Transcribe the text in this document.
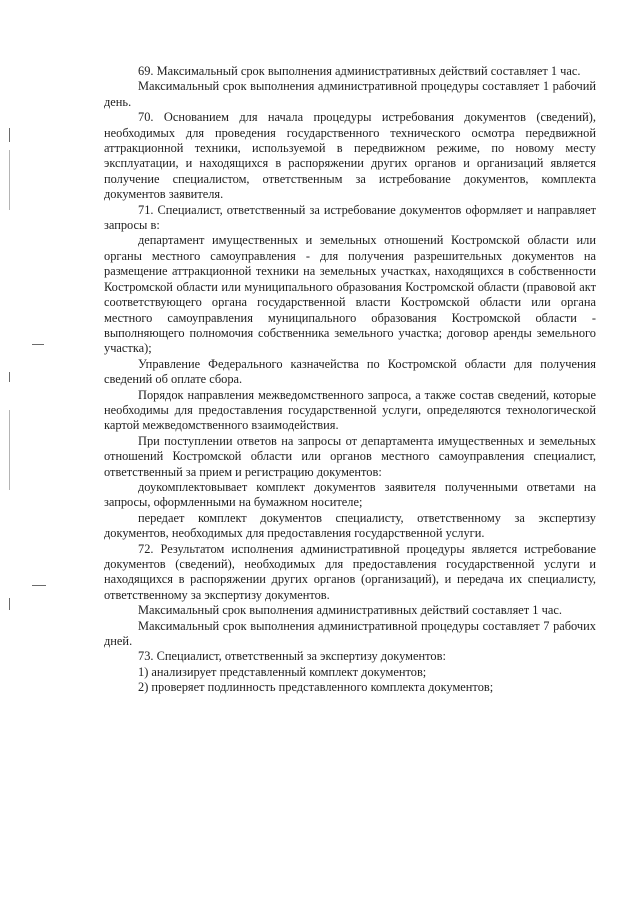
69. Максимальный срок выполнения административных действий составляет 1 час.

Максимальный срок выполнения административной процедуры составляет 1 рабочий день.

70. Основанием для начала процедуры истребования документов (сведений), необходимых для проведения государственного технического осмотра передвижной аттракционной техники, используемой в передвижном режиме, по новому месту эксплуатации, и находящихся в распоряжении других органов и организаций является получение специалистом, ответственным за истребование документов, комплекта документов заявителя.

71. Специалист, ответственный за истребование документов оформляет и направляет запросы в:

департамент имущественных и земельных отношений Костромской области или органы местного самоуправления - для получения разрешительных документов на размещение аттракционной техники на земельных участках, находящихся в собственности Костромской области или муниципального образования Костромской области (правовой акт соответствующего органа государственной власти Костромской области или органа местного самоуправления муниципального образования Костромской области - выполняющего полномочия собственника земельного участка; договор аренды земельного участка);

Управление Федерального казначейства по Костромской области для получения сведений об оплате сбора.

Порядок направления межведомственного запроса, а также состав сведений, которые необходимы для предоставления государственной услуги, определяются технологической картой межведомственного взаимодействия.

При поступлении ответов на запросы от департамента имущественных и земельных отношений Костромской области или органов местного самоуправления специалист, ответственный за прием и регистрацию документов:

доукомплектовывает комплект документов заявителя полученными ответами на запросы, оформленными на бумажном носителе;

передает комплект документов специалисту, ответственному за экспертизу документов, необходимых для предоставления государственной услуги.

72. Результатом исполнения административной процедуры является истребование документов (сведений), необходимых для предоставления государственной услуги и находящихся в распоряжении других органов (организаций), и передача их специалисту, ответственному за экспертизу документов.

Максимальный срок выполнения административных действий составляет 1 час.

Максимальный срок выполнения административной процедуры составляет 7 рабочих дней.

73. Специалист, ответственный за экспертизу документов:

1) анализирует представленный комплект документов;

2) проверяет подлинность представленного комплекта документов;
